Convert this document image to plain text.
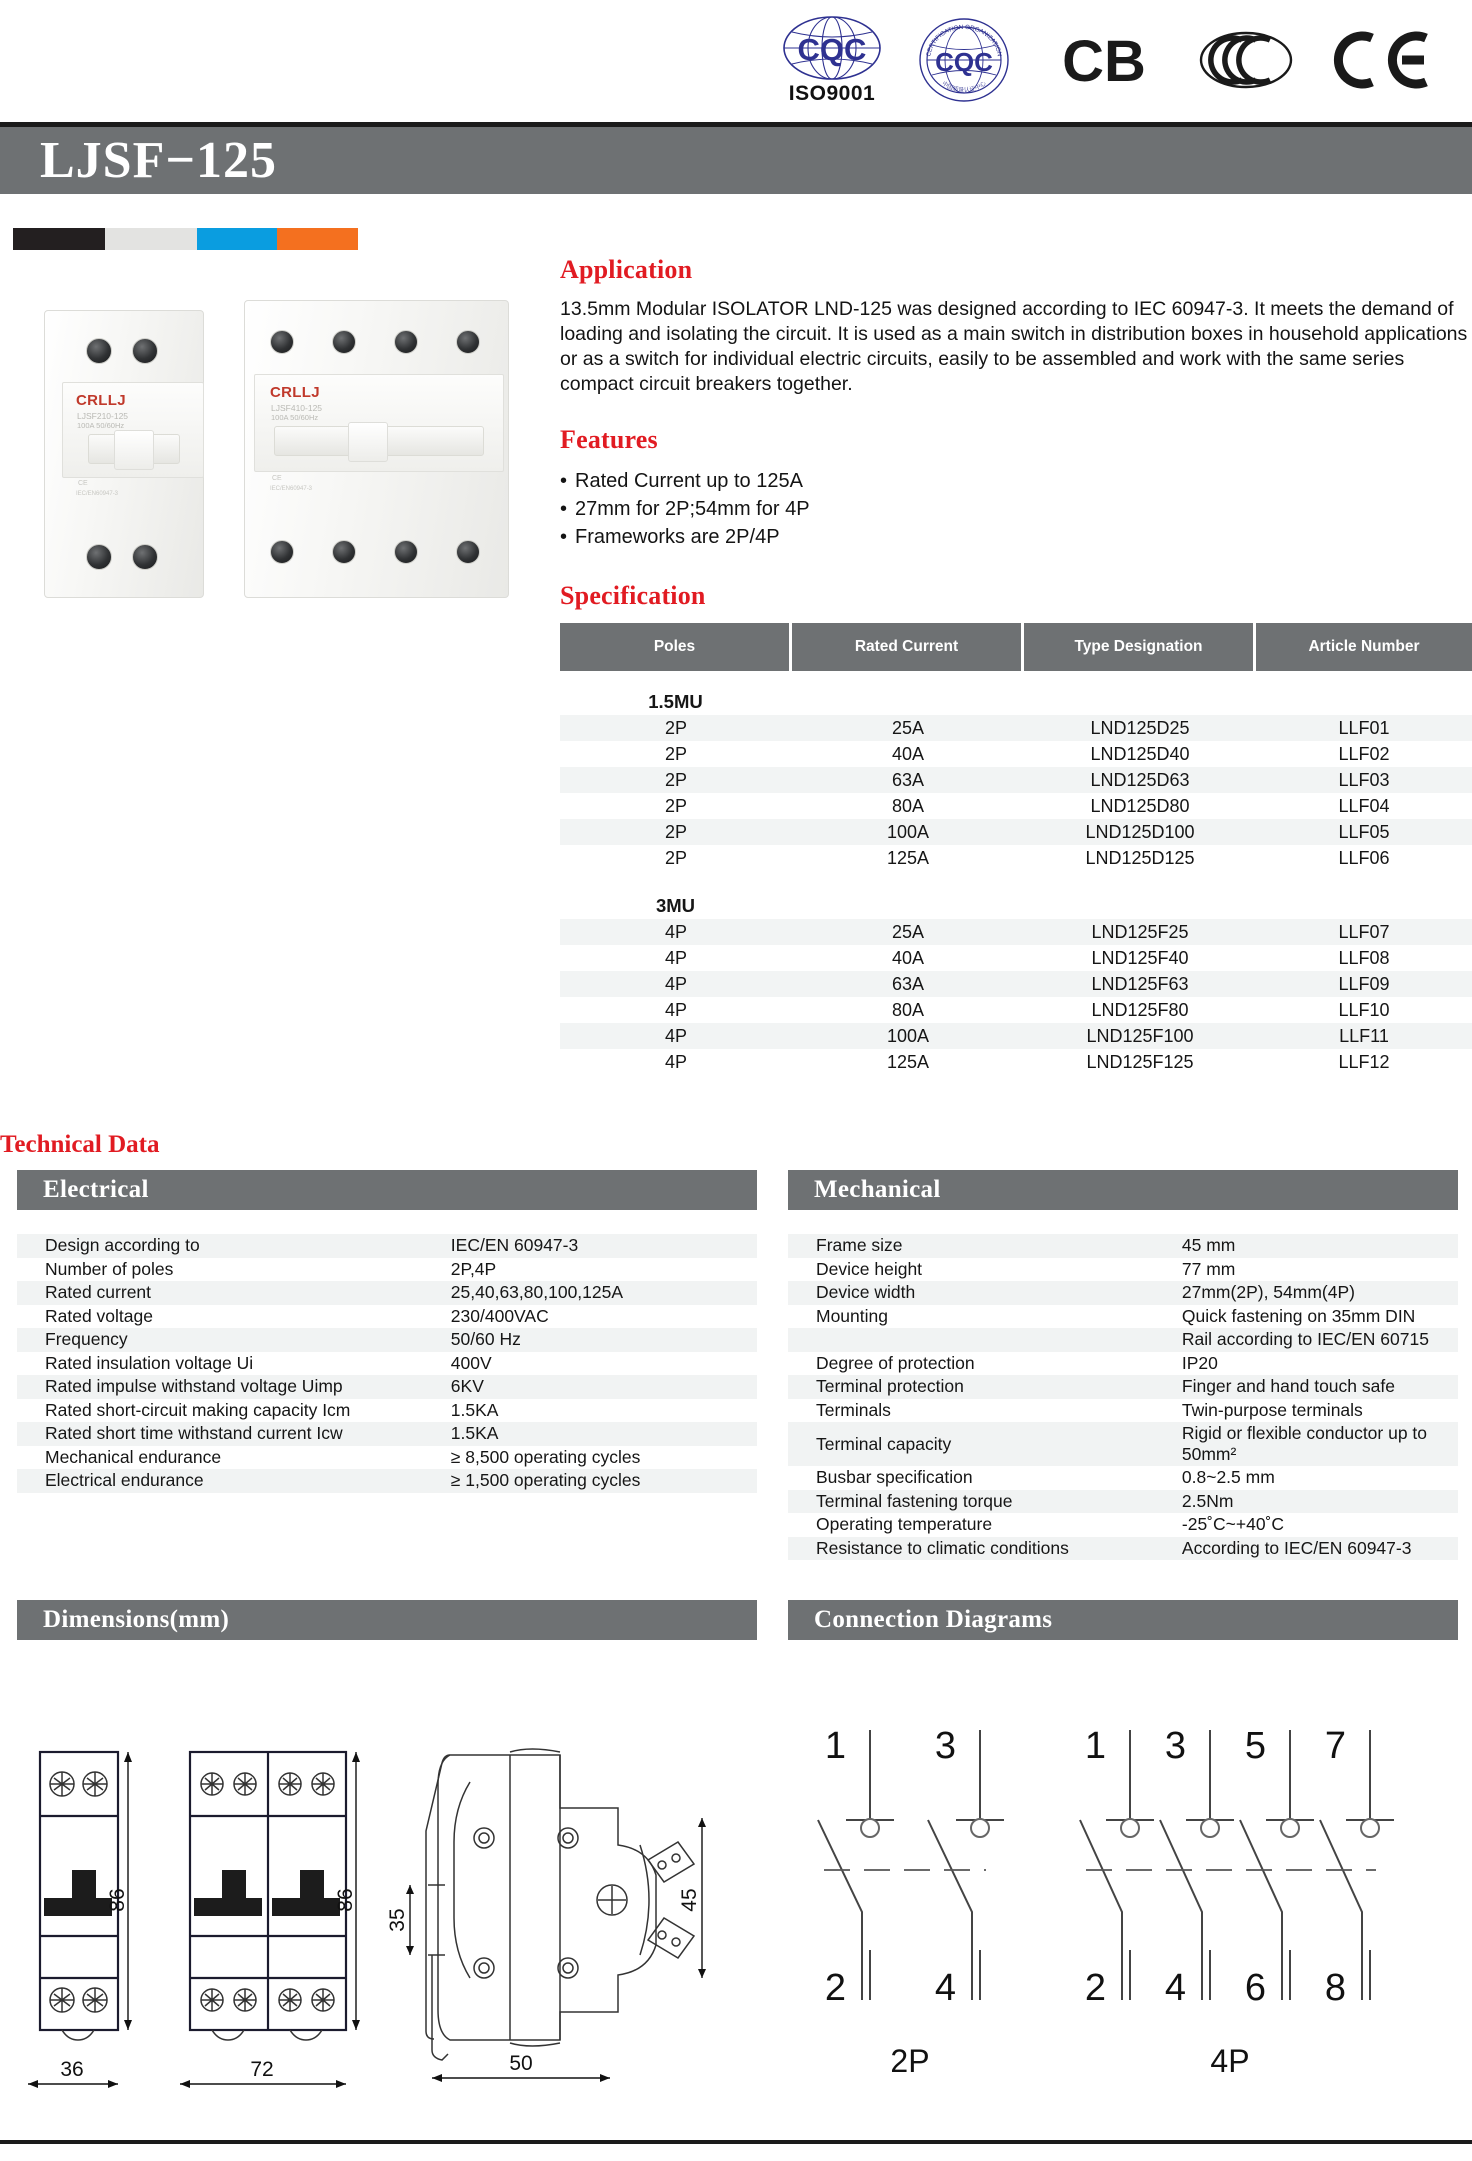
CQC
ISO9001
CQC
CERTIFICATION ORGANIZATION
中国质量认证中心 CB
LJSF−125
CRLLJ
LJSF210-125
100A 50/60Hz
CE
IEC/EN60947-3
CRLLJ
LJSF410-125
100A 50/60Hz
CE
IEC/EN60947-3
Application

13.5mm Modular ISOLATOR LND-125 was designed according to IEC 60947-3. It meets the demand of loading and isolating the circuit. It is used as a main switch in distribution boxes in household applications or as a switch for individual electric circuits, easily to be assembled and work with the same series compact circuit breakers together.

Features
• Rated Current up to 125A
• 27mm for 2P;54mm for 4P
• Frameworks are 2P/4P
Specification
Poles	Rated Current	Type Designation	Article Number

1.5MU			
2P	25A	LND125D25	LLF01
2P	40A	LND125D40	LLF02
2P	63A	LND125D63	LLF03
2P	80A	LND125D80	LLF04
2P	100A	LND125D100	LLF05
2P	125A	LND125D125	LLF06

3MU			
4P	25A	LND125F25	LLF07
4P	40A	LND125F40	LLF08
4P	63A	LND125F63	LLF09
4P	80A	LND125F80	LLF10
4P	100A	LND125F100	LLF11
4P	125A	LND125F125	LLF12
Technical Data
Electrical
Design according to	IEC/EN 60947-3
Number of poles	2P,4P
Rated current	25,40,63,80,100,125A
Rated voltage	230/400VAC
Frequency	50/60 Hz
Rated insulation voltage Ui	400V
Rated impulse withstand voltage Uimp	6KV
Rated short-circuit making capacity Icm	1.5KA
Rated short time withstand current Icw	1.5KA
Mechanical endurance	≥ 8,500 operating cycles
Electrical endurance	≥ 1,500 operating cycles
Mechanical
Frame size	45 mm
Device height	77 mm
Device width	27mm(2P), 54mm(4P)
Mounting	Quick fastening on 35mm DIN
	Rail according to IEC/EN 60715
Degree of protection	IP20
Terminal protection	Finger and hand touch safe
Terminals	Twin-purpose terminals
Terminal capacity	Rigid or flexible conductor up to 50mm²
Busbar specification	0.8~2.5 mm
Terminal fastening torque	2.5Nm
Operating temperature	-25˚C~+40˚C
Resistance to climatic conditions	According to IEC/EN 60947-3
Dimensions(mm)	Connection Diagrams
86
36
86
72
35
45
50
1
2
3
4
2P
1
2
3
4
5
6
7
8
4P
